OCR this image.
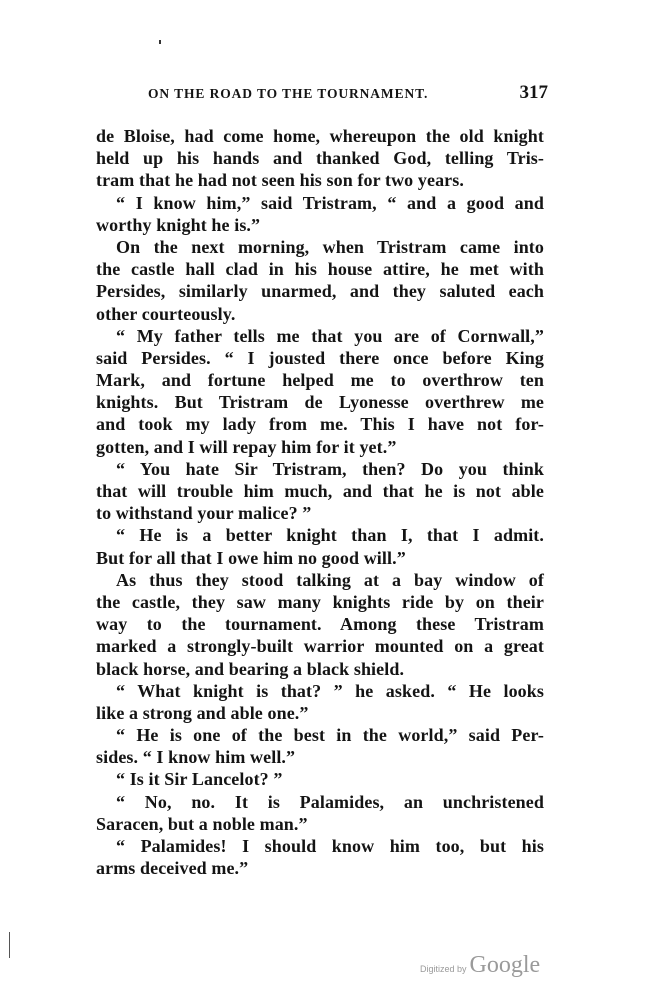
ON THE ROAD TO THE TOURNAMENT.	317
de Bloise, had come home, whereupon the old knight
held up his hands and thanked God, telling Tris-
tram that he had not seen his son for two years.
“ I know him,” said Tristram, “ and a good and
worthy knight he is.”
On the next morning, when Tristram came into
the castle hall clad in his house attire, he met with
Persides, similarly unarmed, and they saluted each
other courteously.
“ My father tells me that you are of Cornwall,”
said Persides. “ I jousted there once before King
Mark, and fortune helped me to overthrow ten
knights. But Tristram de Lyonesse overthrew me
and took my lady from me. This I have not for-
gotten, and I will repay him for it yet.”
“ You hate Sir Tristram, then? Do you think
that will trouble him much, and that he is not able
to withstand your malice? ”
“ He is a better knight than I, that I admit.
But for all that I owe him no good will.”
As thus they stood talking at a bay window of
the castle, they saw many knights ride by on their
way to the tournament. Among these Tristram
marked a strongly-built warrior mounted on a great
black horse, and bearing a black shield.
“ What knight is that? ” he asked. “ He looks
like a strong and able one.”
“ He is one of the best in the world,” said Per-
sides. “ I know him well.”
“ Is it Sir Lancelot? ”
“ No, no. It is Palamides, an unchristened
Saracen, but a noble man.”
“ Palamides! I should know him too, but his
arms deceived me.”
Digitized by Google
